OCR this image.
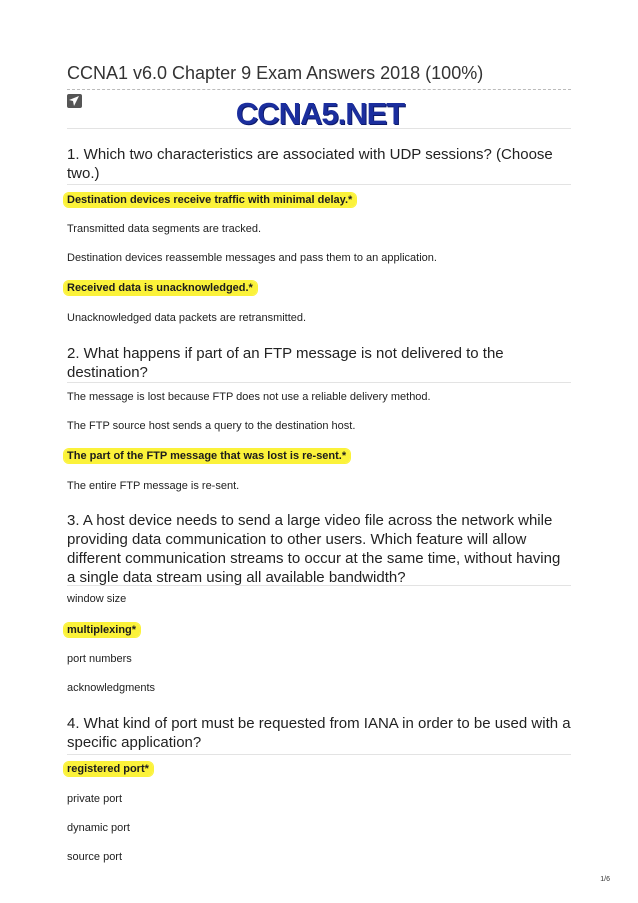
CCNA1 v6.0 Chapter 9 Exam Answers 2018 (100%)
CCNA5.NET
1. Which two characteristics are associated with UDP sessions? (Choose two.)
Destination devices receive traffic with minimal delay.*
Transmitted data segments are tracked.
Destination devices reassemble messages and pass them to an application.
Received data is unacknowledged.*
Unacknowledged data packets are retransmitted.
2. What happens if part of an FTP message is not delivered to the destination?
The message is lost because FTP does not use a reliable delivery method.
The FTP source host sends a query to the destination host.
The part of the FTP message that was lost is re-sent.*
The entire FTP message is re-sent.
3. A host device needs to send a large video file across the network while providing data communication to other users. Which feature will allow different communication streams to occur at the same time, without having a single data stream using all available bandwidth?
window size
multiplexing*
port numbers
acknowledgments
4. What kind of port must be requested from IANA in order to be used with a specific application?
registered port*
private port
dynamic port
source port
1/6
